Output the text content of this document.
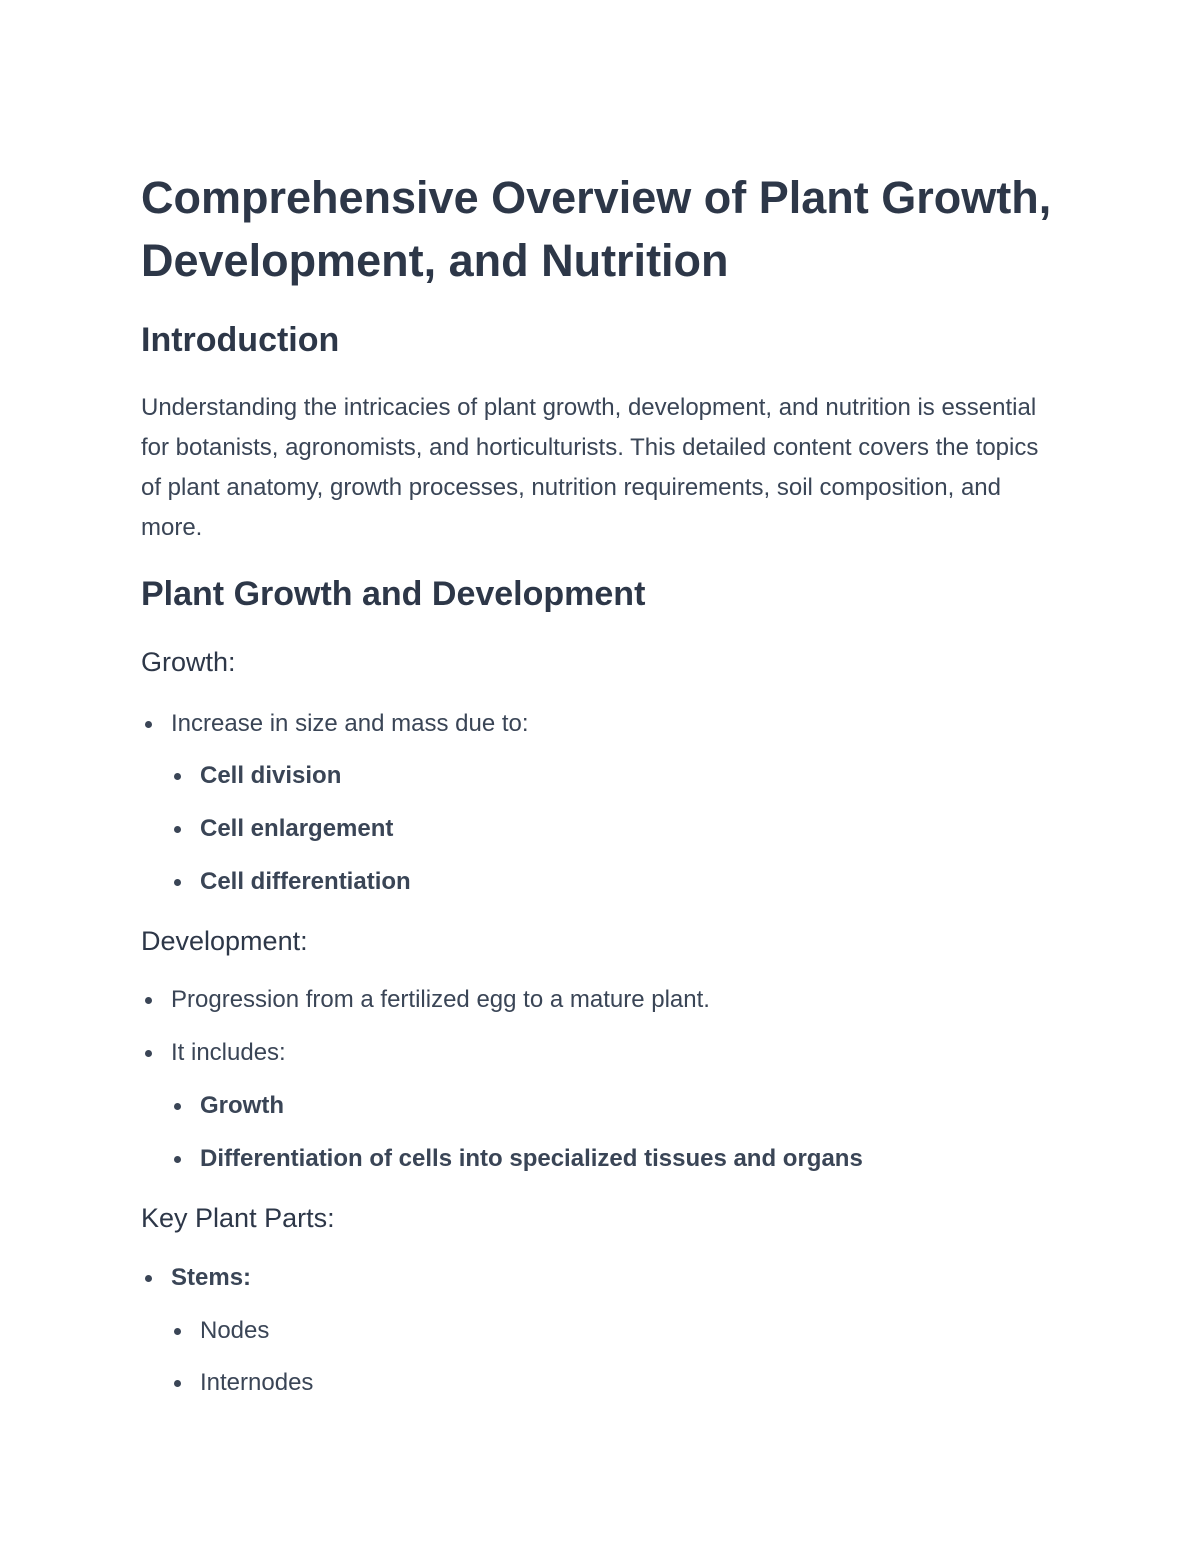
Comprehensive Overview of Plant Growth, Development, and Nutrition
Introduction

Understanding the intricacies of plant growth, development, and nutrition is essential for botanists, agronomists, and horticulturists. This detailed content covers the topics of plant anatomy, growth processes, nutrition requirements, soil composition, and more.

Plant Growth and Development
Growth:
Increase in size and mass due to:
Cell division
Cell enlargement
Cell differentiation
Development:
Progression from a fertilized egg to a mature plant.
It includes:
Growth
Differentiation of cells into specialized tissues and organs
Key Plant Parts:
Stems:
Nodes
Internodes
